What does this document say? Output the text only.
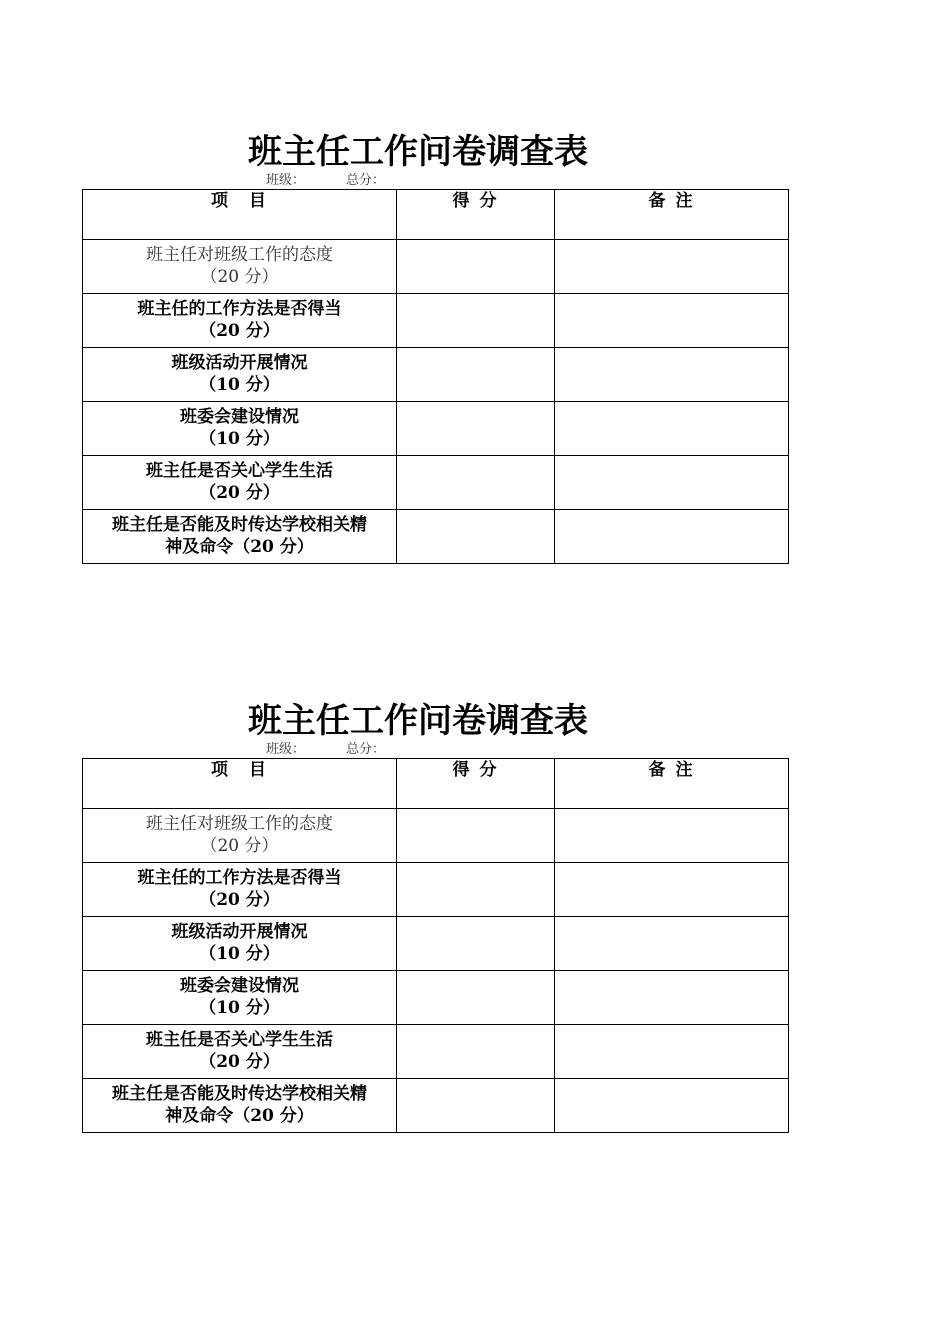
班主任工作问卷调查表
班级：	总分：
项　目	得 分	备 注

班主任对班级工作的态度
（20 分）		

班主任的工作方法是否得当
（20 分）		

班级活动开展情况
（10 分）		

班委会建设情况
（10 分）		

班主任是否关心学生生活
（20 分）		

班主任是否能及时传达学校相关精
神及命令（20 分）		

班主任工作问卷调查表
班级：	总分：
项　目	得 分	备 注

班主任对班级工作的态度
（20 分）		

班主任的工作方法是否得当
（20 分）		

班级活动开展情况
（10 分）		

班委会建设情况
（10 分）		

班主任是否关心学生生活
（20 分）		

班主任是否能及时传达学校相关精
神及命令（20 分）		
